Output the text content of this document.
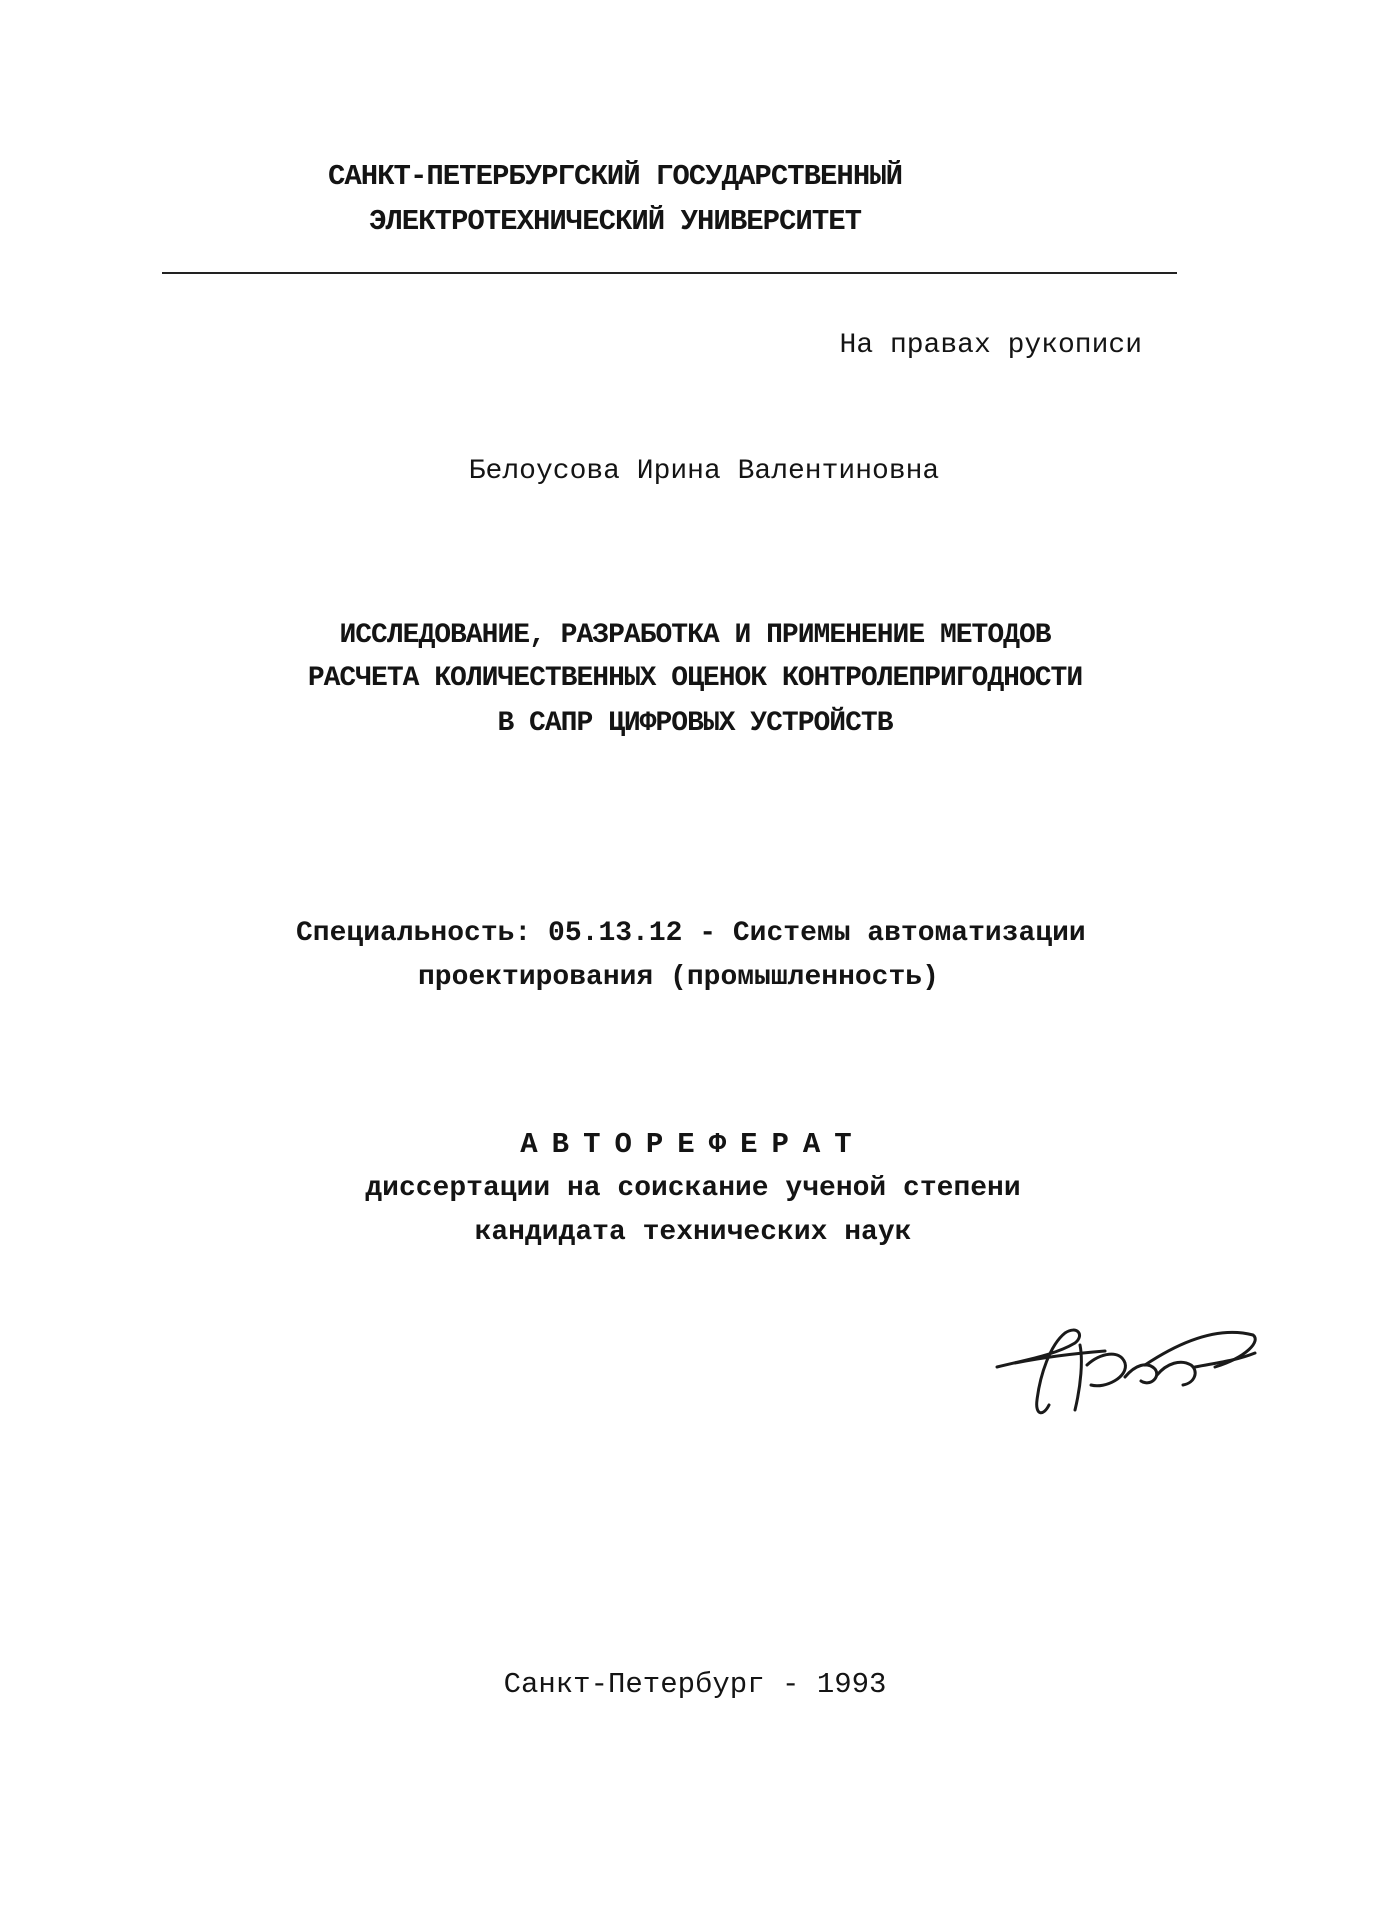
САНКТ-ПЕТЕРБУРГСКИЙ ГОСУДАРСТВЕННЫЙ
ЭЛЕКТРОТЕХНИЧЕСКИЙ УНИВЕРСИТЕТ
На правах рукописи
Белоусова Ирина Валентиновна
ИССЛЕДОВАНИЕ, РАЗРАБОТКА И ПРИМЕНЕНИЕ МЕТОДОВ
РАСЧЕТА КОЛИЧЕСТВЕННЫХ ОЦЕНОК КОНТРОЛЕПРИГОДНОСТИ
В САПР ЦИФРОВЫХ УСТРОЙСТВ
Специальность: 05.13.12 - Системы автоматизации
проектирования (промышленность)
АВТОРЕФЕРАТ
диссертации на соискание ученой степени
кандидата технических наук
Санкт-Петербург - 1993
